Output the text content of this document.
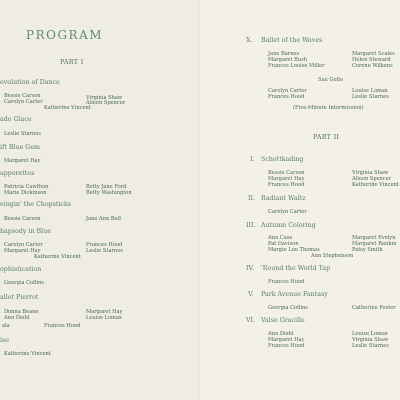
PROGRAM
PART I
evolution of Dance
Bessie Carson
Carolyn Carter
Virginia Shaw
Aileen Spencer
Katherine Vincent
ado Glace
Leslie Starnes
ift Blue Gem
Margaret Hay
apperettes
Patricia Cawthon
Marie Dickinson
Betty Jane Ford
Betty Washington
eingin' the Chopsticks
Bessie Carson	Jane Ann Bell
hapsody in Blue
Carolyn Carter
Margaret Hay
Frances Hood
Leslie Starnes
Katherine Vincent
ophistication
Georgia Collins
allet Pierrot
Donna Beane
Ann Diehl
Margaret Hay
Louise Lomax
ala	Frances Hood
ise
Katherine Vincent
X. Ballet of the Waves
Jane Barnes
Margaret Bush
Frances Louise Miller
Margaret Scales
Helen Steward
Corene Wilkens
Sue Gollo
Carolyn Carter
Frances Hood
Louise Lomax
Leslie Starnes
(Five-Minute Intermission)
PART II
I. Schottkading
Bessie Carson
Margaret Hay
Frances Hood
Virginia Shaw
Aileen Spencer
Katherine Vincent
II. Radiant Waltz
Carolyn Carter
III. Autumn Coloring
Ann Case
Pat Davison
Margie Lou Thomas
Margaret Evelyn
Margaret Rankin
Patsy Smith
Ann Stephenson
IV. 'Round the World Tap
Frances Hood
V. Park Avenue Fantasy
Georgia Collins	Catherine Foster
VI. Valse Gracille
Ann Diehl
Margaret Hay
Frances Hood
Louise Lomax
Virginia Shaw
Leslie Starnes
